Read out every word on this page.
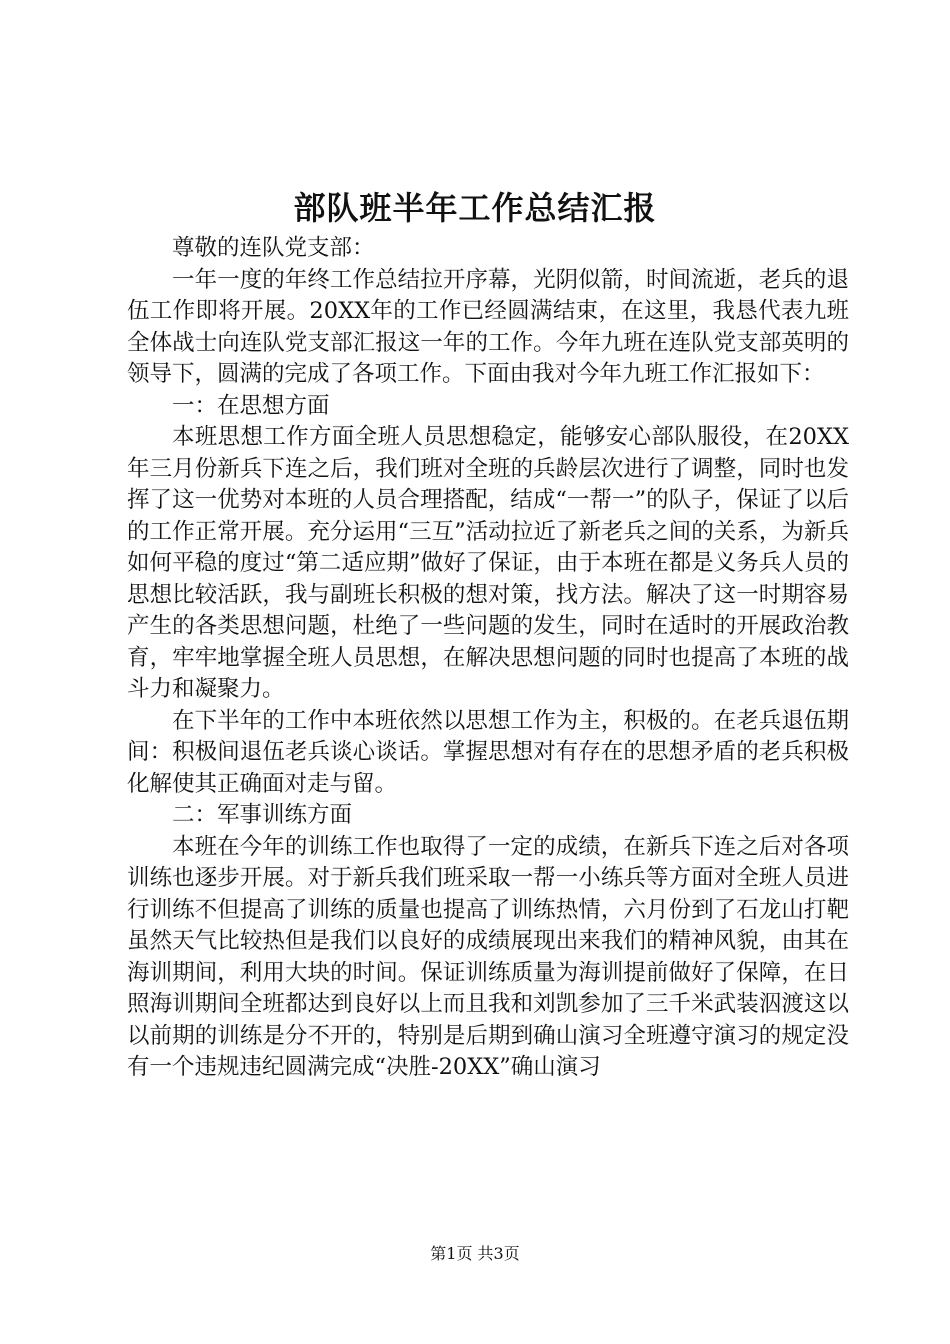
部队班半年工作总结汇报

尊敬的连队党支部：

一年一度的年终工作总结拉开序幕，光阴似箭，时间流逝，老兵的退伍工作即将开展。20XX年的工作已经圆满结束，在这里，我恳代表九班全体战士向连队党支部汇报这一年的工作。今年九班在连队党支部英明的领导下，圆满的完成了各项工作。下面由我对今年九班工作汇报如下：

一：在思想方面

本班思想工作方面全班人员思想稳定，能够安心部队服役，在20XX年三月份新兵下连之后，我们班对全班的兵龄层次进行了调整，同时也发挥了这一优势对本班的人员合理搭配，结成“一帮一”的队子，保证了以后的工作正常开展。充分运用“三互”活动拉近了新老兵之间的关系，为新兵如何平稳的度过“第二适应期”做好了保证，由于本班在都是义务兵人员的思想比较活跃，我与副班长积极的想对策，找方法。解决了这一时期容易产生的各类思想问题，杜绝了一些问题的发生，同时在适时的开展政治教育，牢牢地掌握全班人员思想，在解决思想问题的同时也提高了本班的战斗力和凝聚力。

在下半年的工作中本班依然以思想工作为主，积极的。在老兵退伍期间：积极间退伍老兵谈心谈话。掌握思想对有存在的思想矛盾的老兵积极化解使其正确面对走与留。

二：军事训练方面

本班在今年的训练工作也取得了一定的成绩，在新兵下连之后对各项训练也逐步开展。对于新兵我们班采取一帮一小练兵等方面对全班人员进行训练不但提高了训练的质量也提高了训练热情，六月份到了石龙山打靶虽然天气比较热但是我们以良好的成绩展现出来我们的精神风貌，由其在海训期间，利用大块的时间。保证训练质量为海训提前做好了保障，在日照海训期间全班都达到良好以上而且我和刘凯参加了三千米武装泅渡这以以前期的训练是分不开的，特别是后期到确山演习全班遵守演习的规定没有一个违规违纪圆满完成“决胜-20XX”确山演习

第1页 共3页
